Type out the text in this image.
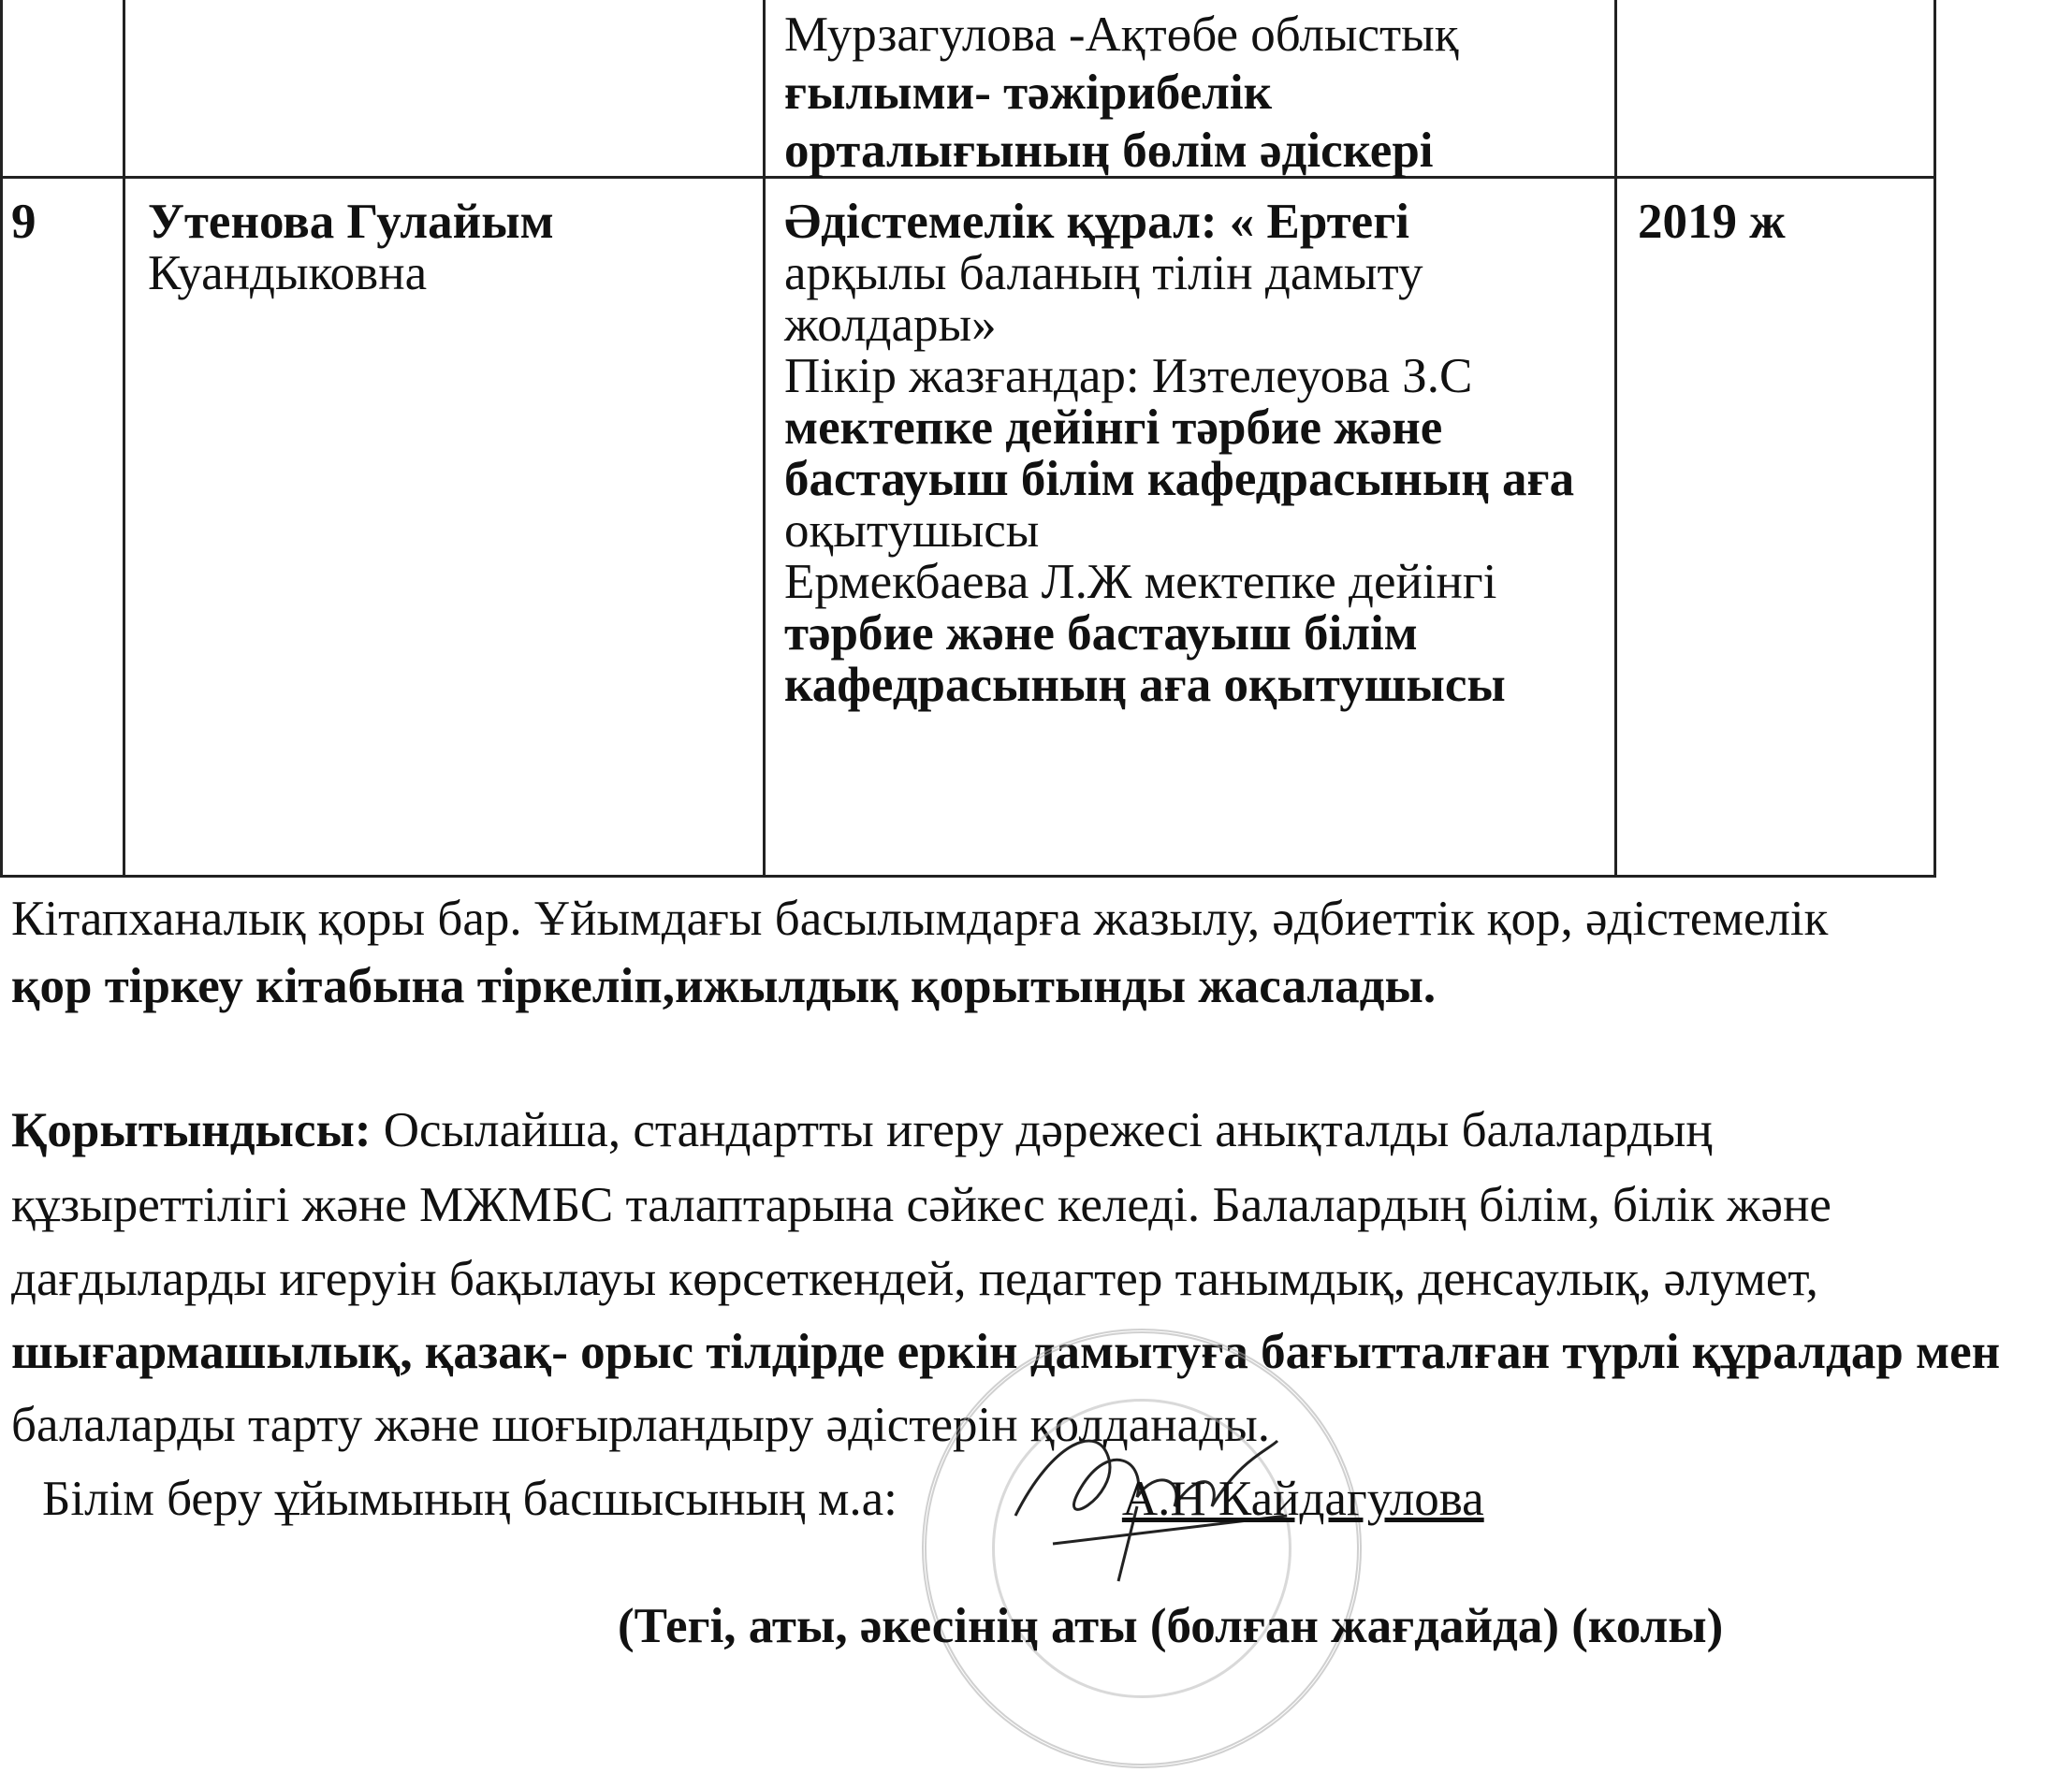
Мурзагулова -Ақтөбе облыстық
ғылыми- тәжірибелік
орталығының бөлім әдіскері
9 Утенова Гулайым
Куандыковна
Әдістемелік құрал: « Ертегі
арқылы баланың тілін дамыту
жолдары»
Пікір жазғандар: Изтелеуова З.С
мектепке дейінгі тәрбие және
бастауыш білім кафедрасының аға
оқытушысы
Ермекбаева Л.Ж мектепке дейінгі
тәрбие және бастауыш білім
кафедрасының аға оқытушысы
2019 ж
Кітапханалық қоры бар. Ұйымдағы басылымдарға жазылу, әдбиеттік қор, әдістемелік
қор тіркеу кітабына тіркеліп,ижылдық қорытынды жасалады.
Қорытындысы: Осылайша, стандартты игеру дәрежесі анықталды балалардың
құзыреттілігі және МЖМБС талаптарына сәйкес келеді. Балалардың білім, білік және
дағдыларды игеруін бақылауы көрсеткендей, педагтер танымдық, денсаулық, әлумет,
шығармашылық, қазақ- орыс тілдірде еркін дамытуға бағытталған түрлі құралдар мен
балаларды тарту және шоғырландыру әдістерін қолданады.
Білім беру ұйымының басшысының м.а:	А.Н Кайдагулова
(Тегі, аты, әкесінің аты (болған жағдайда) (колы)
